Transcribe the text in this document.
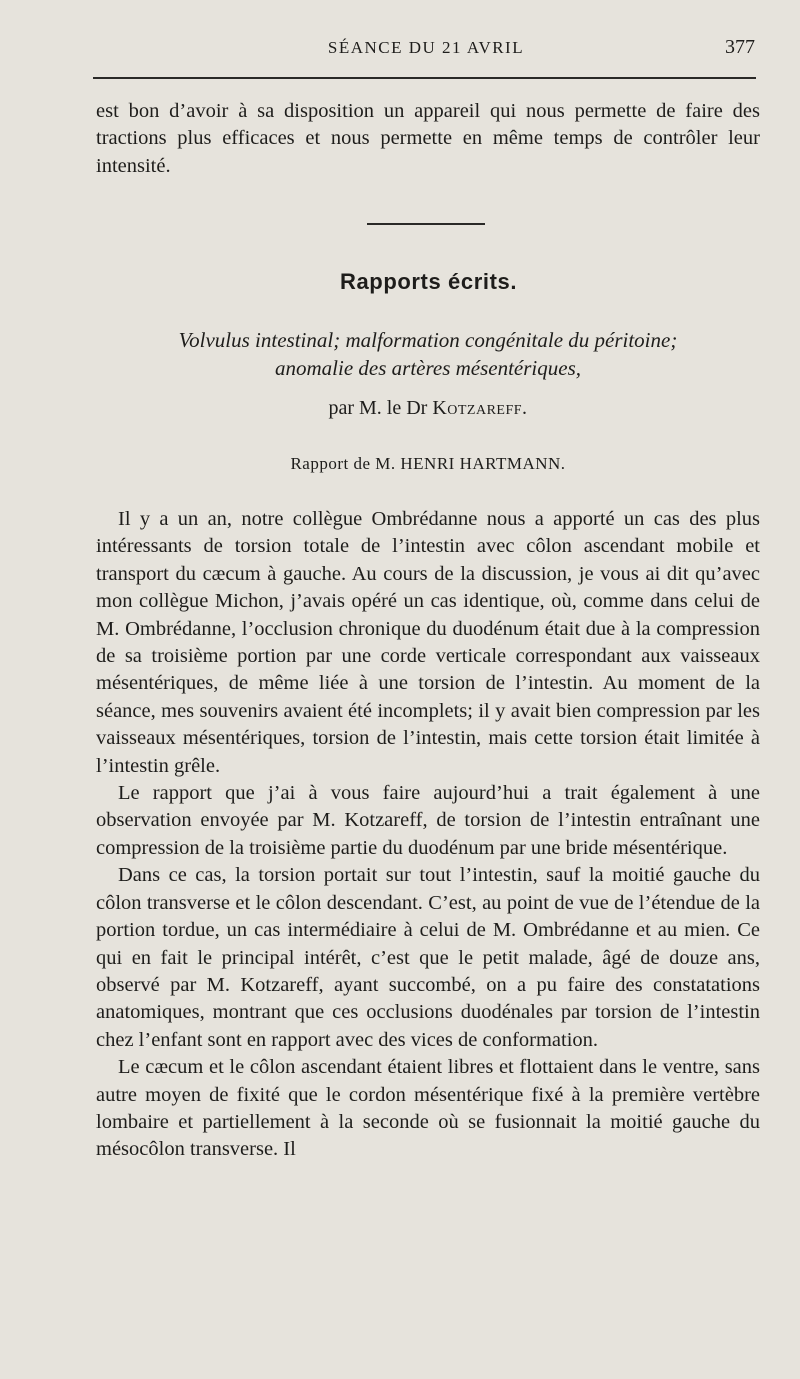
SÉANCE DU 21 AVRIL	377

est bon d’avoir à sa disposition un appareil qui nous permette de faire des tractions plus efficaces et nous permette en même temps de contrôler leur intensité.

Rapports écrits.
Volvulus intestinal; malformation congénitale du péritoine;
anomalie des artères mésentériques,
par M. le Dr Kotzareff.
Rapport de M. HENRI HARTMANN.

Il y a un an, notre collègue Ombrédanne nous a apporté un cas des plus intéressants de torsion totale de l’intestin avec côlon ascendant mobile et transport du cæcum à gauche. Au cours de la discussion, je vous ai dit qu’avec mon collègue Michon, j’avais opéré un cas identique, où, comme dans celui de M. Ombrédanne, l’occlusion chronique du duodénum était due à la compression de sa troisième portion par une corde verticale correspondant aux vaisseaux mésentériques, de même liée à une torsion de l’intestin. Au moment de la séance, mes souvenirs avaient été incomplets; il y avait bien compression par les vaisseaux mésentériques, torsion de l’intestin, mais cette torsion était limitée à l’intestin grêle.

Le rapport que j’ai à vous faire aujourd’hui a trait également à une observation envoyée par M. Kotzareff, de torsion de l’intestin entraînant une compression de la troisième partie du duodénum par une bride mésentérique.

Dans ce cas, la torsion portait sur tout l’intestin, sauf la moitié gauche du côlon transverse et le côlon descendant. C’est, au point de vue de l’étendue de la portion tordue, un cas intermédiaire à celui de M. Ombrédanne et au mien. Ce qui en fait le principal intérêt, c’est que le petit malade, âgé de douze ans, observé par M. Kotzareff, ayant succombé, on a pu faire des constatations anatomiques, montrant que ces occlusions duodénales par torsion de l’intestin chez l’enfant sont en rapport avec des vices de conformation.

Le cæcum et le côlon ascendant étaient libres et flottaient dans le ventre, sans autre moyen de fixité que le cordon mésentérique fixé à la première vertèbre lombaire et partiellement à la seconde où se fusionnait la moitié gauche du mésocôlon transverse. Il
